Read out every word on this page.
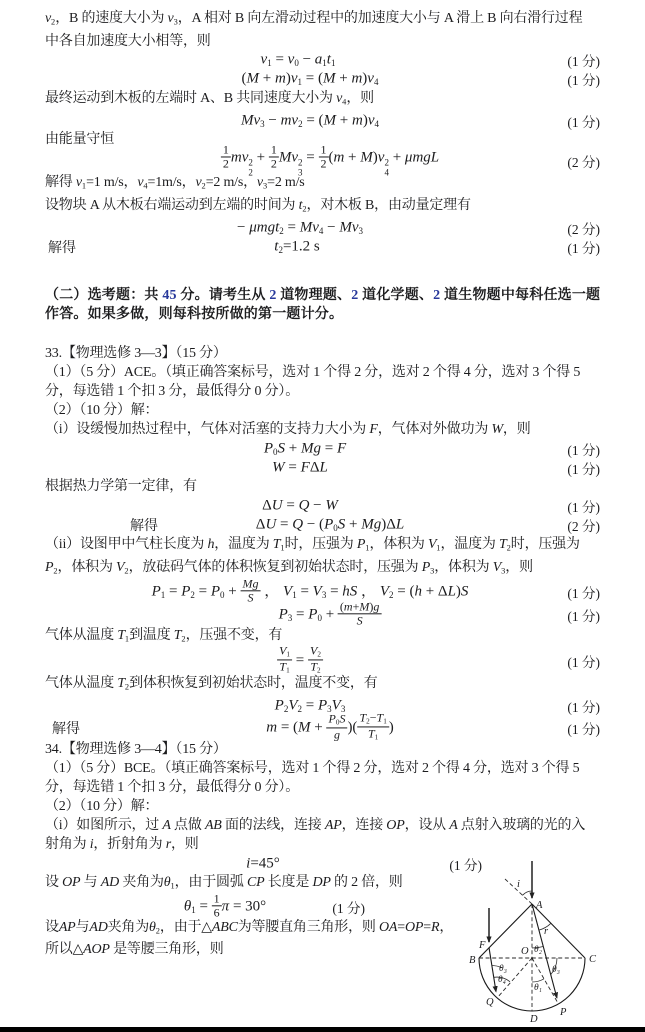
v2，B 的速度大小为 v3，A 相对 B 向左滑动过程中的加速度大小与 A 滑上 B 向右滑行过程
中各自加速度大小相等，则
v1 = v0 − a1t1	(1 分)
(M + m)v1 = (M + m)v4	(1 分)
最终运动到木板的左端时 A、B 共同速度大小为 v4，则
Mv3 − mv2 = (M + m)v4	(1 分)
由能量守恒
$\frac{1}{2}$ mv 2
2
+ $\frac{1}{2}$ Mv 2
3
= $\frac{1}{2} (m + M)v$ 2
4
+ μmgL	(2 分)
解得 v1=1 m/s，v4=1m/s，v2=2 m/s，v3=2 m/s
设物块 A 从木板右端运动到左端的时间为 t2，对木板 B，由动量定理有
− μmgt2 = Mv4 − Mv3	(2 分)
解得	t2=1.2 s	(1 分)
（二）选考题：共 45 分。请考生从 2 道物理题、2 道化学题、2 道生物题中每科任选一题
作答。如果多做，则每科按所做的第一题计分。
33.【物理选修 3—3】（15 分）
（1）（5 分）ACE。（填正确答案标号，选对 1 个得 2 分，选对 2 个得 4 分，选对 3 个得 5
分，每选错 1 个扣 3 分，最低得分 0 分）。
（2）（10 分）解：
（i）设缓慢加热过程中，气体对活塞的支持力大小为 F，气体对外做功为 W，则
P0S + Mg = F	(1 分)
W = FΔL	(1 分)
根据热力学第一定律，有
ΔU = Q − W	(1 分)
解得	ΔU = Q − (P0S + Mg)ΔL	(2 分)
（ii）设图甲中气柱长度为 h，温度为 T1时，压强为 P1，体积为 V1，温度为 T2时，压强为
P2，体积为 V2，放砝码气体的体积恢复到初始状态时，压强为 P3，体积为 V3，则
$P1 = P2 = P0 + \frac{Mg}{S}$ ， V1 = V3 = hS ， V2 = (h + ΔL)S	(1 分)
$P3 = P0 + \frac{(m+M)g}{S}$	(1 分)
气体从温度 T1到温度 T2，压强不变，有
$\frac{V1}{T1} = \frac{V2}{T2}$	(1 分)
气体从温度 T2到体积恢复到初始状态时，温度不变，有
P2V2 = P3V3	(1 分)
解得	$m = (M + \frac{P0S}{g}$ )( $\frac{T2-T1}{T1}$ )	(1 分)
34.【物理选修 3—4】（15 分）
（1）（5 分）BCE。（填正确答案标号，选对 1 个得 2 分，选对 2 个得 4 分，选对 3 个得 5
分，每选错 1 个扣 3 分，最低得分 0 分）。
（2）（10 分）解：
（i）如图所示，过 A 点做 AB 面的法线，连接 AP，连接 OP，设从 A 点射入玻璃的光的入
射角为 i，折射角为 r，则
i=45°	(1 分)
设 OP 与 AD 夹角为θ1，由于圆弧 CP 长度是 DP 的 2 倍，则
$\theta 1 = \frac{1}{6}$ π = 30°	(1 分)
设AP与AD夹角为θ2，由于△ABC为等腰直角三角形，则 OA=OP=R，
所以△AOP 是等腰三角形，则
i
A
r
θ₂
O
F
B	C
θ₃
θ₄
θ₃
θ₁
Q
D
P
